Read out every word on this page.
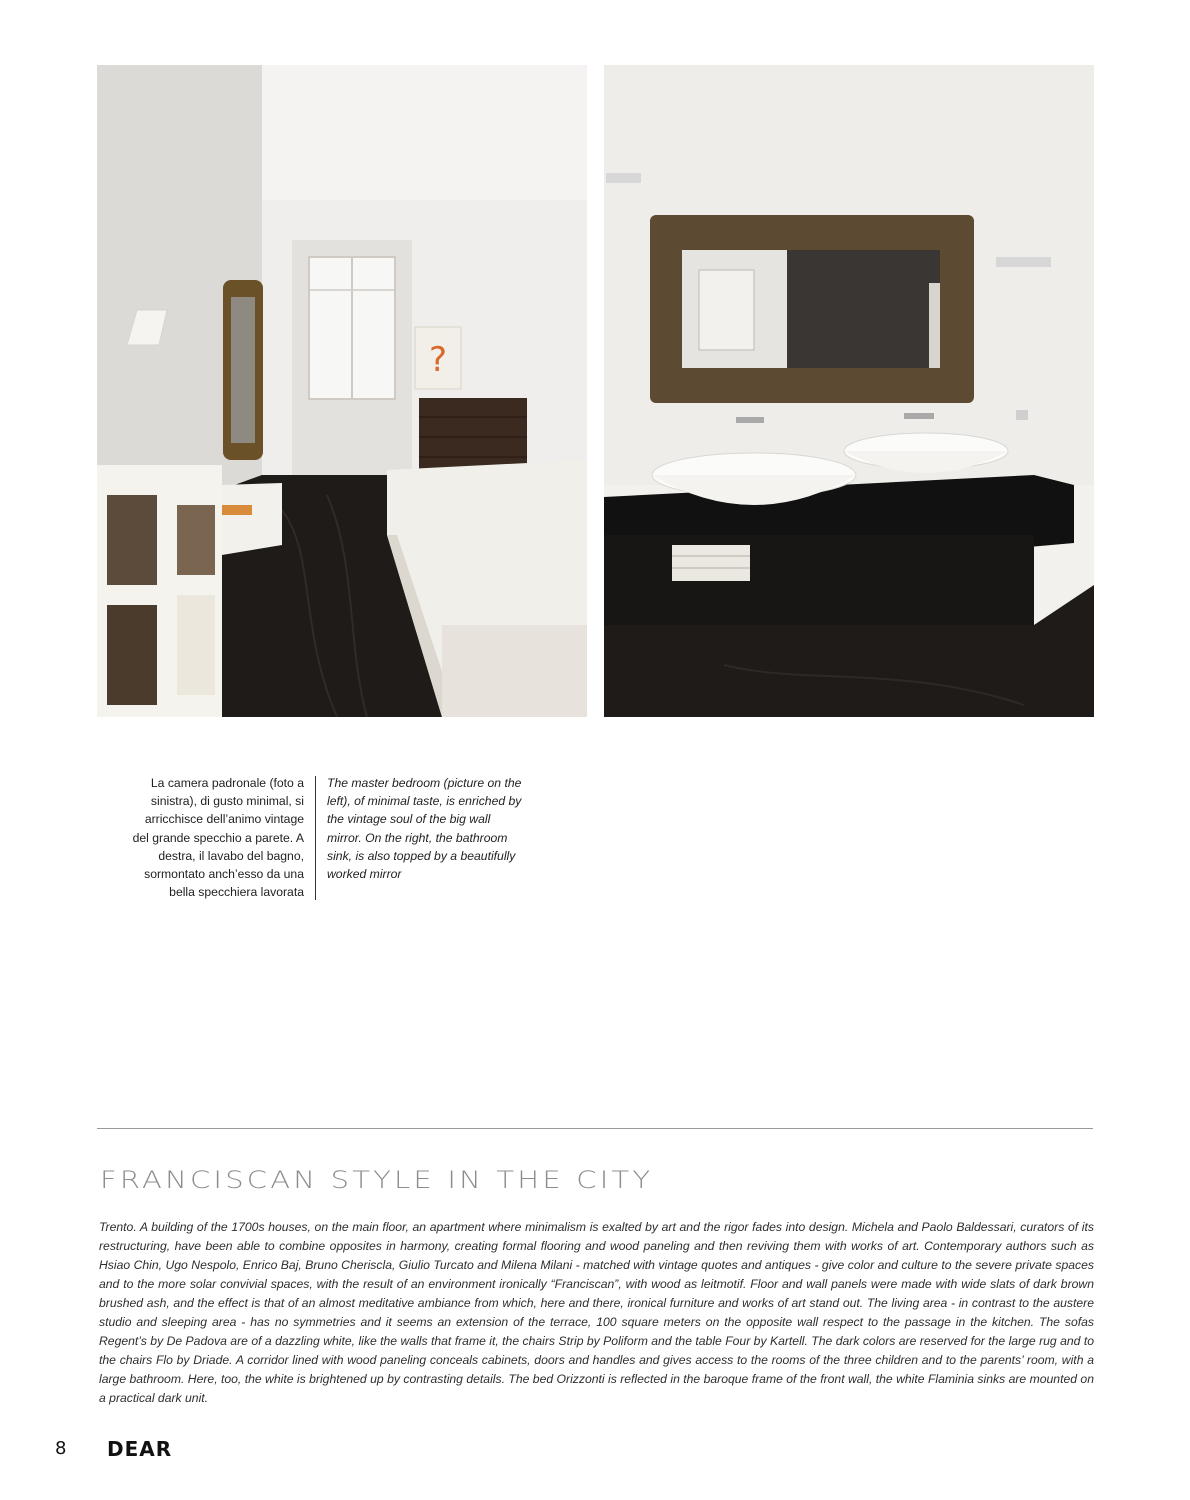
?
La camera padronale (foto a sinistra), di gusto minimal, si arricchisce dell’animo vintage del grande specchio a parete. A destra, il lavabo del bagno, sormontato anch’esso da una bella specchiera lavorata
The master bedroom (picture on the left), of minimal taste, is enriched by the vintage soul of the big wall mirror. On the right, the bathroom sink, is also topped by a beautifully worked mirror
FRANCISCAN STYLE IN THE CITY

Trento. A building of the 1700s houses, on the main floor, an apartment where minimalism is exalted by art and the rigor fades into design. Michela and Paolo Baldessari, curators of its restructuring, have been able to combine opposites in harmony, creating formal flooring and wood paneling and then reviving them with works of art. Contemporary authors such as Hsiao Chin, Ugo Nespolo, Enrico Baj, Bruno Cheriscla, Giulio Turcato and Milena Milani - matched with vintage quotes and antiques - give color and culture to the severe private spaces and to the more solar convivial spaces, with the result of an environment ironically “Franciscan”, with wood as leitmotif. Floor and wall panels were made with wide slats of dark brown brushed ash, and the effect is that of an almost meditative ambiance from which, here and there, ironical furniture and works of art stand out. The living area - in contrast to the austere studio and sleeping area - has no symmetries and it seems an extension of the terrace, 100 square meters on the opposite wall respect to the passage in the kitchen. The sofas Regent’s by De Padova are of a dazzling white, like the walls that frame it, the chairs Strip by Poliform and the table Four by Kartell. The dark colors are reserved for the large rug and to the chairs Flo by Driade. A corridor lined with wood paneling conceals cabinets, doors and handles and gives access to the rooms of the three children and to the parents’ room, with a large bathroom. Here, too, the white is brightened up by contrasting details. The bed Orizzonti is reflected in the baroque frame of the front wall, the white Flaminia sinks are mounted on a practical dark unit.

8 DEAR
